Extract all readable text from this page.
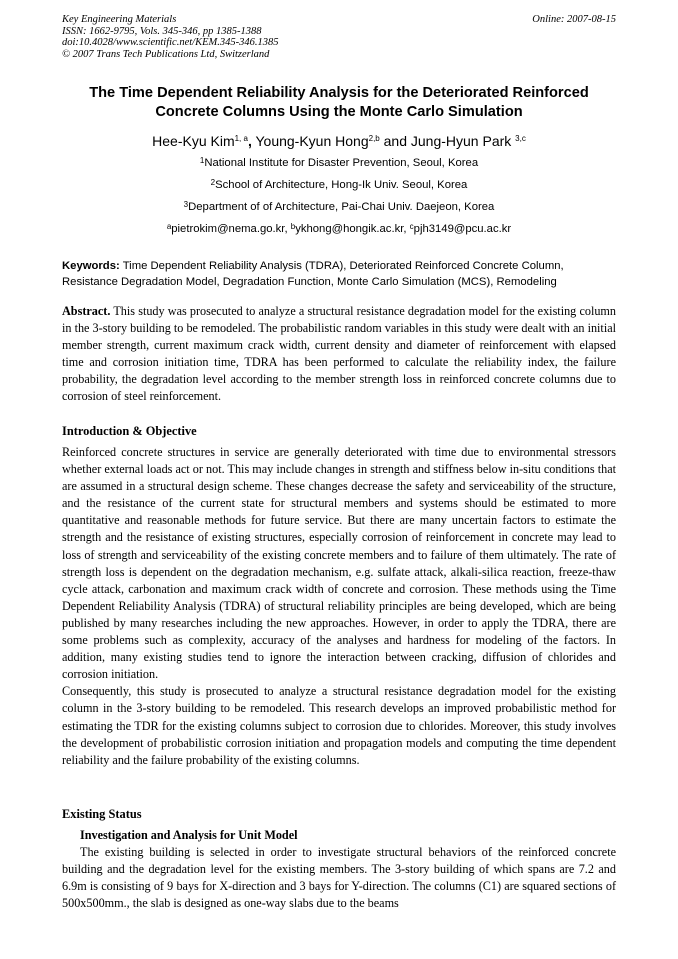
Key Engineering Materials
ISSN: 1662-9795, Vols. 345-346, pp 1385-1388
doi:10.4028/www.scientific.net/KEM.345-346.1385
© 2007 Trans Tech Publications Ltd, Switzerland
Online: 2007-08-15
The Time Dependent Reliability Analysis for the Deteriorated Reinforced
Concrete Columns Using the Monte Carlo Simulation
Hee-Kyu Kim$^{1, a}$, Young-Kyun Hong$^{2,b}$ and Jung-Hyun Park $^{3,c}$
$^1$National Institute for Disaster Prevention, Seoul, Korea
$^2$School of Architecture, Hong-Ik Univ. Seoul, Korea
$^3$Department of of Architecture, Pai-Chai Univ. Daejeon, Korea
$^a$pietrokim@nema.go.kr, $^b$ykhong@hongik.ac.kr, $^c$pjh3149@pcu.ac.kr
Keywords: Time Dependent Reliability Analysis (TDRA), Deteriorated Reinforced Concrete Column, Resistance Degradation Model, Degradation Function, Monte Carlo Simulation (MCS), Remodeling
Abstract. This study was prosecuted to analyze a structural resistance degradation model for the existing column in the 3-story building to be remodeled. The probabilistic random variables in this study were dealt with an initial member strength, current maximum crack width, current density and diameter of reinforcement with elapsed time and corrosion initiation time, TDRA has been performed to calculate the reliability index, the failure probability, the degradation level according to the member strength loss in reinforced concrete columns due to corrosion of steel reinforcement.
Introduction & Objective

Reinforced concrete structures in service are generally deteriorated with time due to environmental stressors whether external loads act or not. This may include changes in strength and stiffness below in-situ conditions that are assumed in a structural design scheme. These changes decrease the safety and serviceability of the structure, and the resistance of the current state for structural members and systems should be estimated to more quantitative and reasonable methods for future service. But there are many uncertain factors to estimate the strength and the resistance of existing structures, especially corrosion of reinforcement in concrete may lead to loss of strength and serviceability of the existing concrete members and to failure of them ultimately. The rate of strength loss is dependent on the degradation mechanism, e.g. sulfate attack, alkali-silica reaction, freeze-thaw cycle attack, carbonation and maximum crack width of concrete and corrosion. These methods using the Time Dependent Reliability Analysis (TDRA) of structural reliability principles are being developed, which are being published by many researches including the new approaches. However, in order to apply the TDRA, there are some problems such as complexity, accuracy of the analyses and hardness for modeling of the factors. In addition, many existing studies tend to ignore the interaction between cracking, diffusion of chlorides and corrosion initiation.

Consequently, this study is prosecuted to analyze a structural resistance degradation model for the existing column in the 3-story building to be remodeled. This research develops an improved probabilistic method for estimating the TDR for the existing columns subject to corrosion due to chlorides. Moreover, this study involves the development of probabilistic corrosion initiation and propagation models and computing the time dependent reliability and the failure probability of the existing columns.

Existing Status
Investigation and Analysis for Unit Model

The existing building is selected in order to investigate structural behaviors of the reinforced concrete building and the degradation level for the existing members. The 3-story building of which spans are 7.2 and 6.9m is consisting of 9 bays for X-direction and 3 bays for Y-direction. The columns (C1) are squared sections of 500x500mm., the slab is designed as one-way slabs due to the beams
